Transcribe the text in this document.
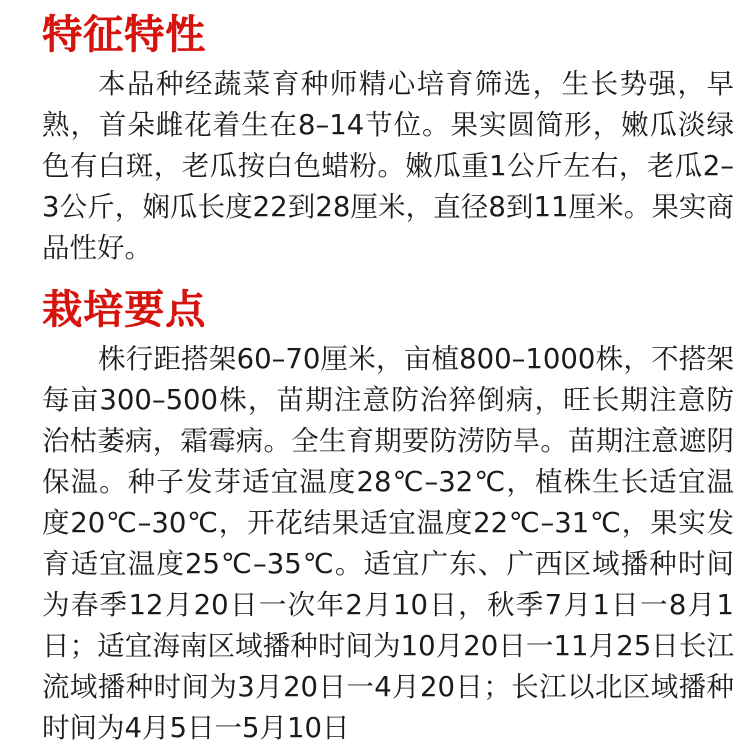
特征特性

本品种经蔬菜育种师精心培育筛选，生长势强，早熟，首朵雌花着生在8–14节位。果实圆简形，嫩瓜淡绿色有白斑，老瓜按白色蜡粉。嫩瓜重1公斤左右，老瓜2–3公斤，娴瓜长度22到28厘米，直径8到11厘米。果实商品性好。

栽培要点

株行距搭架60–70厘米，亩植800–1000株，不搭架每亩300–500株，苗期注意防治猝倒病，旺长期注意防治枯萎病，霜霉病。全生育期要防涝防旱。苗期注意遮阴保温。种子发芽适宜温度28℃–32℃，植株生长适宜温度20℃–30℃，开花结果适宜温度22℃–31℃，果实发育适宜温度25℃–35℃。适宜广东、广西区域播种时间为春季12月20日一次年2月10日，秋季7月1日一8月1日；适宜海南区域播种时间为10月20日一11月25日长江流域播种时间为3月20日一4月20日；长江以北区域播种时间为4月5日一5月10日
